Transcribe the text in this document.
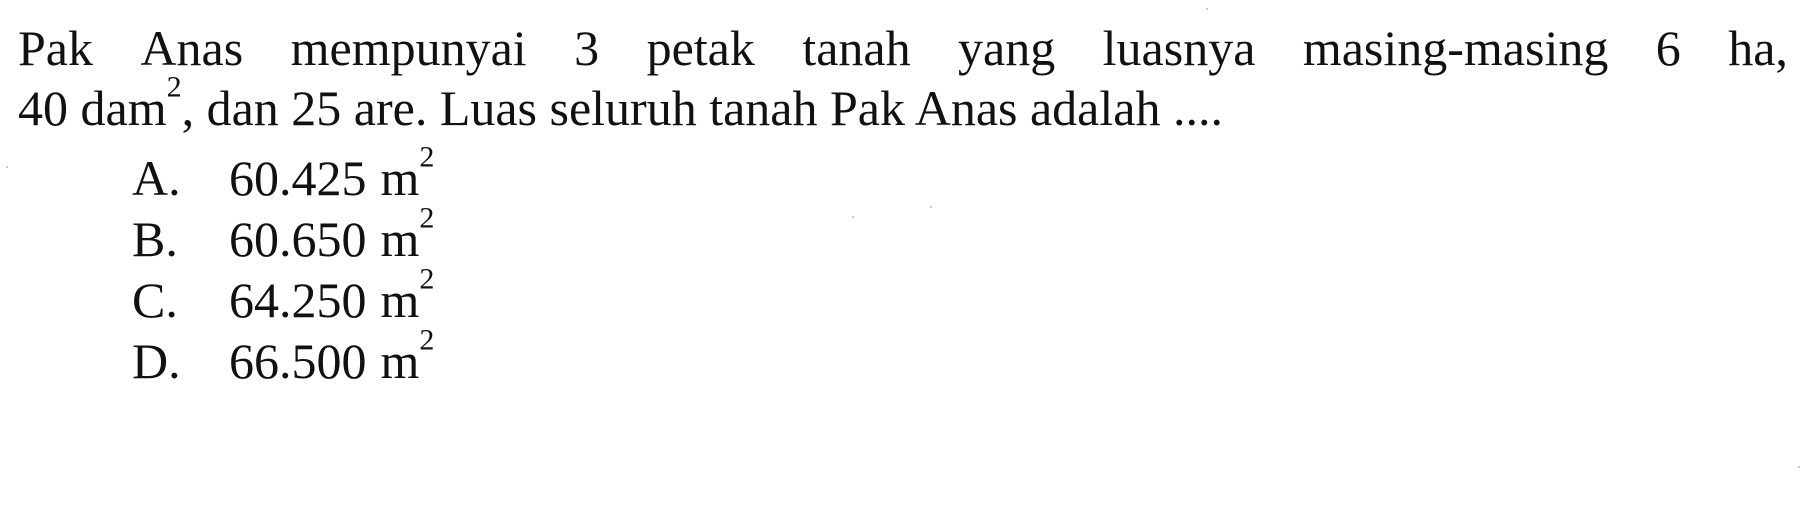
Pak Anas mempunyai 3 petak tanah yang luasnya masing-masing 6 ha,
40 dam$^2$, dan 25 are. Luas seluruh tanah Pak Anas adalah ....
A. 60.425 $m^2$
B.	60.650 $m^2$
C.	64.250 $m^2$
D. 66.500 $m^2$
